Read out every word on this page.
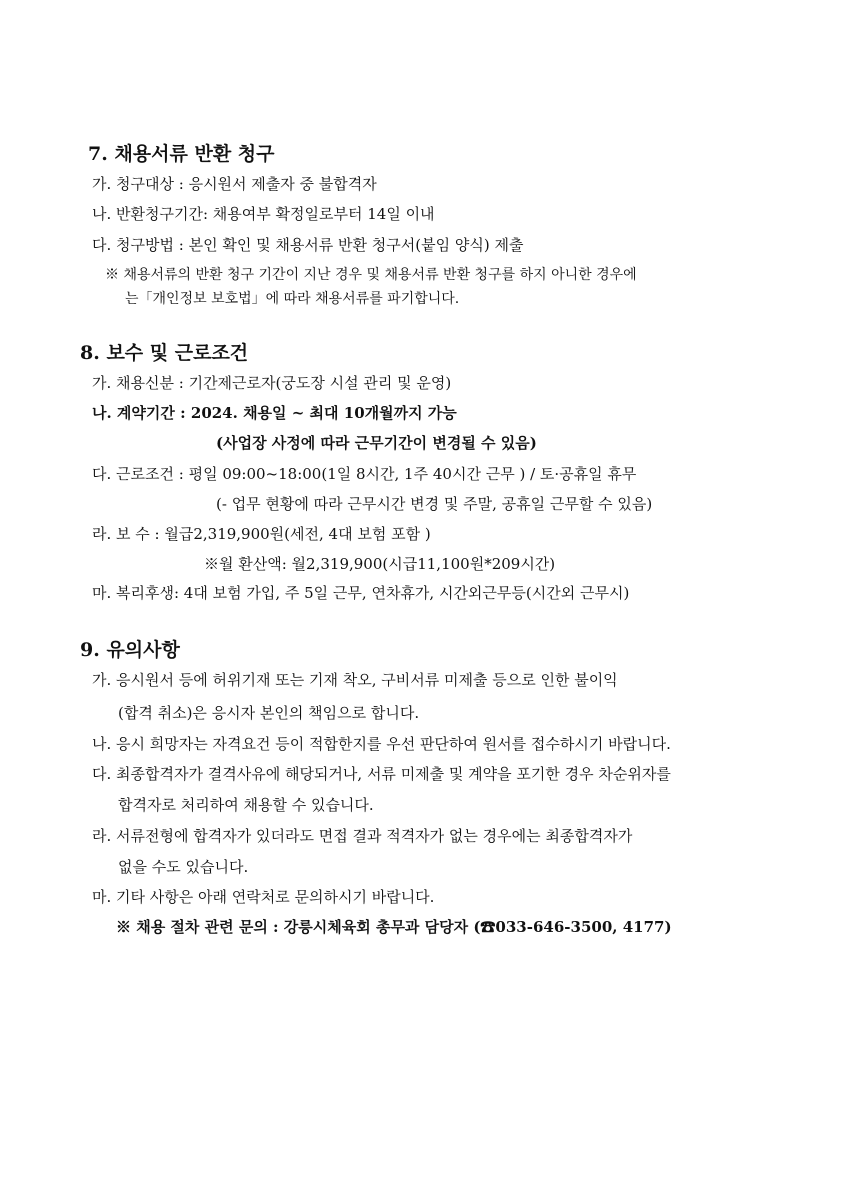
7. 채용서류 반환 청구
가. 청구대상 : 응시원서 제출자 중 불합격자
나. 반환청구기간: 채용여부 확정일로부터 14일 이내
다. 청구방법 : 본인 확인 및 채용서류 반환 청구서(붙임 양식) 제출
※ 채용서류의 반환 청구 기간이 지난 경우 및 채용서류 반환 청구를 하지 아니한 경우에
는「개인정보 보호법」에 따라 채용서류를 파기합니다.
8. 보수 및 근로조건
가. 채용신분 : 기간제근로자(궁도장 시설 관리 및 운영)
나. 계약기간 : 2024. 채용일 ~ 최대 10개월까지 가능
(사업장 사정에 따라 근무기간이 변경될 수 있음)
다. 근로조건 : 평일 09:00~18:00(1일 8시간, 1주 40시간 근무 ) / 토·공휴일 휴무
(- 업무 현황에 따라 근무시간 변경 및 주말, 공휴일 근무할 수 있음)
라. 보 수 : 월급2,319,900원(세전, 4대 보험 포함 )
※월 환산액: 월2,319,900(시급11,100원*209시간)
마. 복리후생: 4대 보험 가입, 주 5일 근무, 연차휴가, 시간외근무등(시간외 근무시)
9. 유의사항
가. 응시원서 등에 허위기재 또는 기재 착오, 구비서류 미제출 등으로 인한 불이익
(합격 취소)은 응시자 본인의 책임으로 합니다.
나. 응시 희망자는 자격요건 등이 적합한지를 우선 판단하여 원서를 접수하시기 바랍니다.
다. 최종합격자가 결격사유에 해당되거나, 서류 미제출 및 계약을 포기한 경우 차순위자를
합격자로 처리하여 채용할 수 있습니다.
라. 서류전형에 합격자가 있더라도 면접 결과 적격자가 없는 경우에는 최종합격자가
없을 수도 있습니다.
마. 기타 사항은 아래 연락처로 문의하시기 바랍니다.
※ 채용 절차 관련 문의 : 강릉시체육회 총무과 담당자 (☎033-646-3500, 4177)
